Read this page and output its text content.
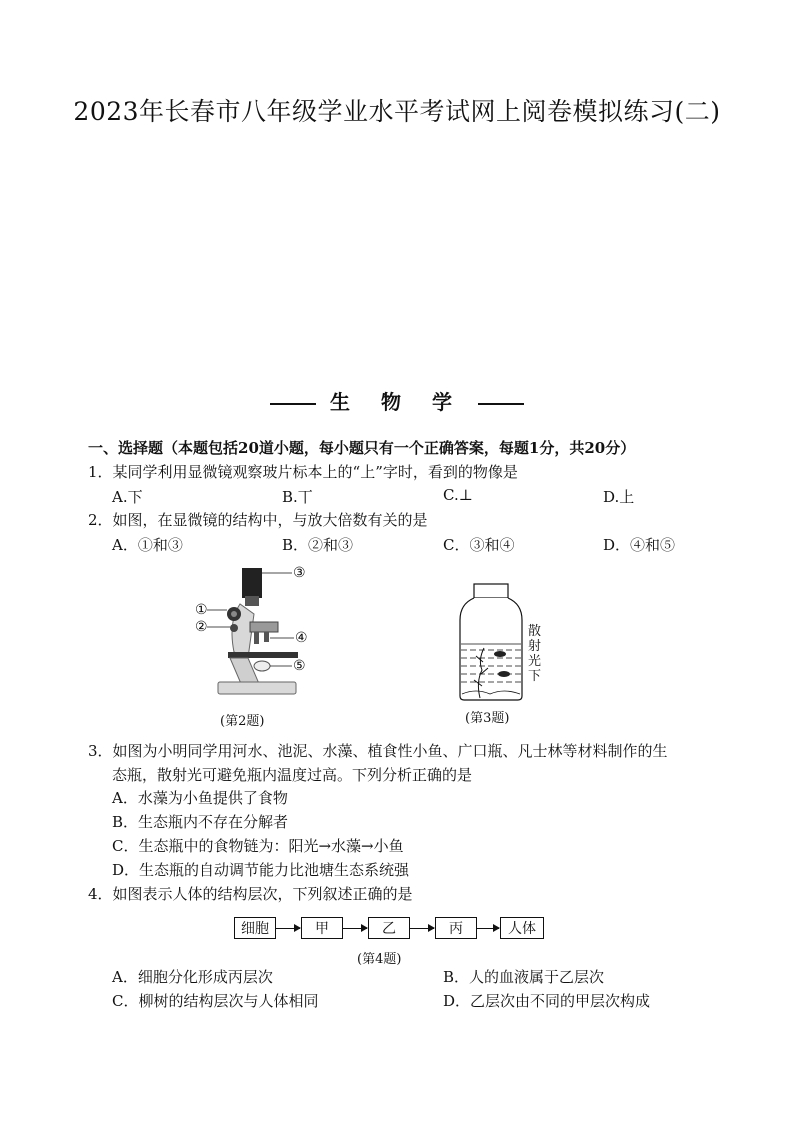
2023年长春市八年级学业水平考试网上阅卷模拟练习(二)
生 物 学
一、选择题（本题包括20道小题，每小题只有一个正确答案，每题1分，共20分）
1．某同学利用显微镜观察玻片标本上的“上”字时，看到的物像是
A.下	B.丅	C.⊥	D.上
2．如图，在显微镜的结构中，与放大倍数有关的是
A．①和③	B．②和③	C．③和④	D．④和⑤
①
②
③
④
⑤
(第2题)
散
射
光
下
(第3题)
3．如图为小明同学用河水、池泥、水藻、植食性小鱼、广口瓶、凡士林等材料制作的生
态瓶，散射光可避免瓶内温度过高。下列分析正确的是
A．水藻为小鱼提供了食物
B．生态瓶内不存在分解者
C．生态瓶中的食物链为：阳光→水藻→小鱼
D．生态瓶的自动调节能力比池塘生态系统强
4．如图表示人体的结构层次，下列叙述正确的是
细胞	甲	乙	丙	人体
(第4题)
A．细胞分化形成丙层次	B．人的血液属于乙层次
C．柳树的结构层次与人体相同	D．乙层次由不同的甲层次构成
